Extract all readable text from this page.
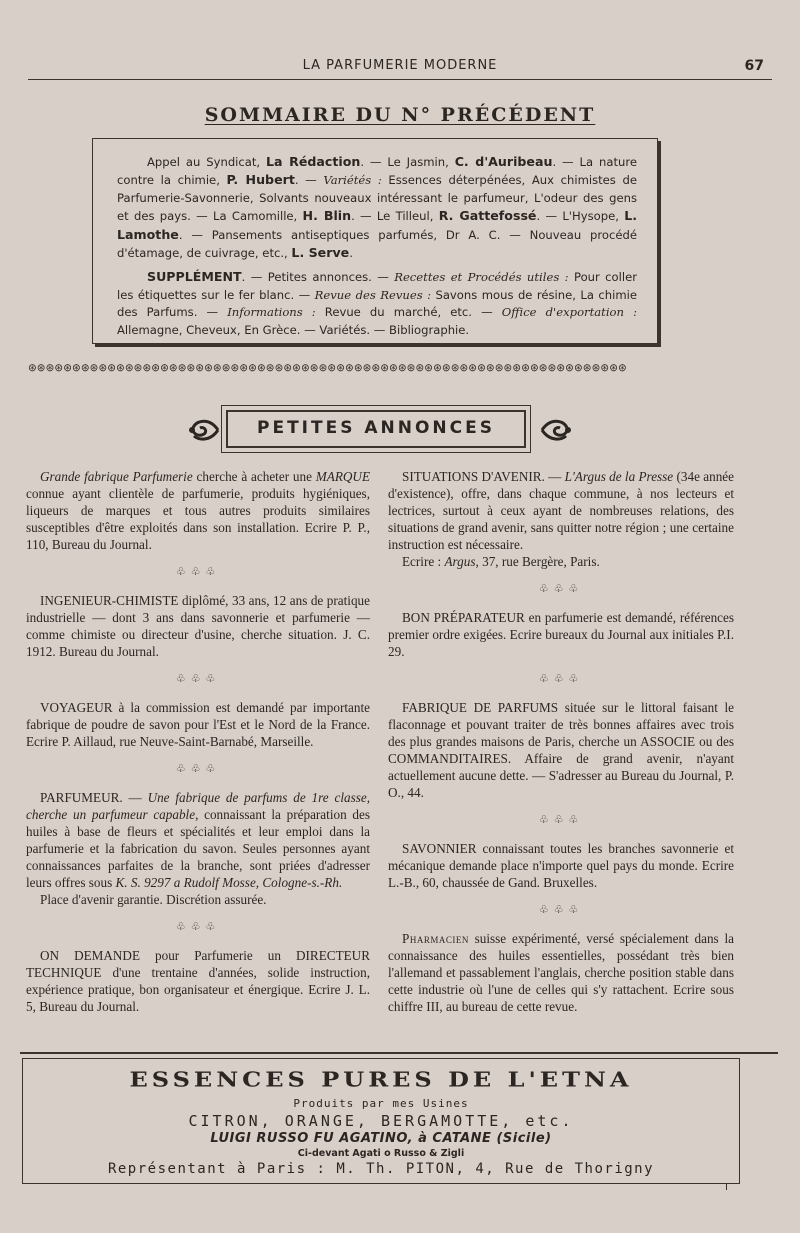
LA PARFUMERIE MODERNE	67
SOMMAIRE DU N° PRÉCÉDENT

Appel au Syndicat, La Rédaction. — Le Jasmin, C. d'Auribeau. — La nature contre la chimie, P. Hubert. — Variétés : Essences déterpénées, Aux chimistes de Parfumerie-Savonnerie, Solvants nouveaux intéressant le parfumeur, L'odeur des gens et des pays. — La Camomille, H. Blin. — Le Tilleul, R. Gattefossé. — L'Hysope, L. Lamothe. — Pansements antiseptiques parfumés, Dr A. C. — Nouveau procédé d'étamage, de cuivrage, etc., L. Serve.

SUPPLÉMENT. — Petites annonces. — Recettes et Procédés utiles : Pour coller les étiquettes sur le fer blanc. — Revue des Revues : Savons mous de résine, La chimie des Parfums. — Informations : Revue du marché, etc. — Office d'exportation : Allemagne, Cheveux, En Grèce. — Variétés. — Bibliographie.

⊛⊛⊛⊛⊛⊛⊛⊛⊛⊛⊛⊛⊛⊛⊛⊛⊛⊛⊛⊛⊛⊛⊛⊛⊛⊛⊛⊛⊛⊛⊛⊛⊛⊛⊛⊛⊛⊛⊛⊛⊛⊛⊛⊛⊛⊛⊛⊛⊛⊛⊛⊛⊛⊛⊛⊛⊛⊛⊛⊛⊛⊛⊛⊛⊛⊛⊛⊛
PETITES ANNONCES

Grande fabrique Parfumerie cherche à acheter une MARQUE connue ayant clientèle de parfumerie, produits hygiéniques, liqueurs de marques et tous autres produits similaires susceptibles d'être exploités dans son installation. Ecrire P. P., 110, Bureau du Journal.

♧♧♧

INGENIEUR-CHIMISTE diplômé, 33 ans, 12 ans de pratique industrielle — dont 3 ans dans savonnerie et parfumerie — comme chimiste ou directeur d'usine, cherche situation. J. C. 1912. Bureau du Journal.

♧♧♧

VOYAGEUR à la commission est demandé par importante fabrique de poudre de savon pour l'Est et le Nord de la France. Ecrire P. Aillaud, rue Neuve-Saint-Barnabé, Marseille.

♧♧♧

PARFUMEUR. — Une fabrique de parfums de 1re classe, cherche un parfumeur capable, connaissant la préparation des huiles à base de fleurs et spécialités et leur emploi dans la parfumerie et la fabrication du savon. Seules personnes ayant connaissances parfaites de la branche, sont priées d'adresser leurs offres sous K. S. 9297 a Rudolf Mosse, Cologne-s.-Rh.

Place d'avenir garantie. Discrétion assurée.

♧♧♧

ON DEMANDE pour Parfumerie un DIRECTEUR TECHNIQUE d'une trentaine d'années, solide instruction, expérience pratique, bon organisateur et énergique. Ecrire J. L. 5, Bureau du Journal.

SITUATIONS D'AVENIR. — L'Argus de la Presse (34e année d'existence), offre, dans chaque commune, à nos lecteurs et lectrices, surtout à ceux ayant de nombreuses relations, des situations de grand avenir, sans quitter notre région ; une certaine instruction est nécessaire.

Ecrire : Argus, 37, rue Bergère, Paris.

♧♧♧

BON PRÉPARATEUR en parfumerie est demandé, références premier ordre exigées. Ecrire bureaux du Journal aux initiales P.I. 29.

♧♧♧

FABRIQUE DE PARFUMS située sur le littoral faisant le flaconnage et pouvant traiter de très bonnes affaires avec trois des plus grandes maisons de Paris, cherche un ASSOCIE ou des COMMANDITAIRES. Affaire de grand avenir, n'ayant actuellement aucune dette. — S'adresser au Bureau du Journal, P. O., 44.

♧♧♧

SAVONNIER connaissant toutes les branches savonnerie et mécanique demande place n'importe quel pays du monde. Ecrire L.-B., 60, chaussée de Gand. Bruxelles.

♧♧♧

Pharmacien suisse expérimenté, versé spécialement dans la connaissance des huiles essentielles, possédant très bien l'allemand et passablement l'anglais, cherche position stable dans cette industrie où l'une de celles qui s'y rattachent. Ecrire sous chiffre III, au bureau de cette revue.

ESSENCES PURES DE L'ETNA
Produits par mes Usines
CITRON, ORANGE, BERGAMOTTE, etc.
LUIGI RUSSO FU AGATINO, à CATANE (Sicile)
Ci-devant Agati o Russo & Zigli
Représentant à Paris : M. Th. PITON, 4, Rue de Thorigny
I
